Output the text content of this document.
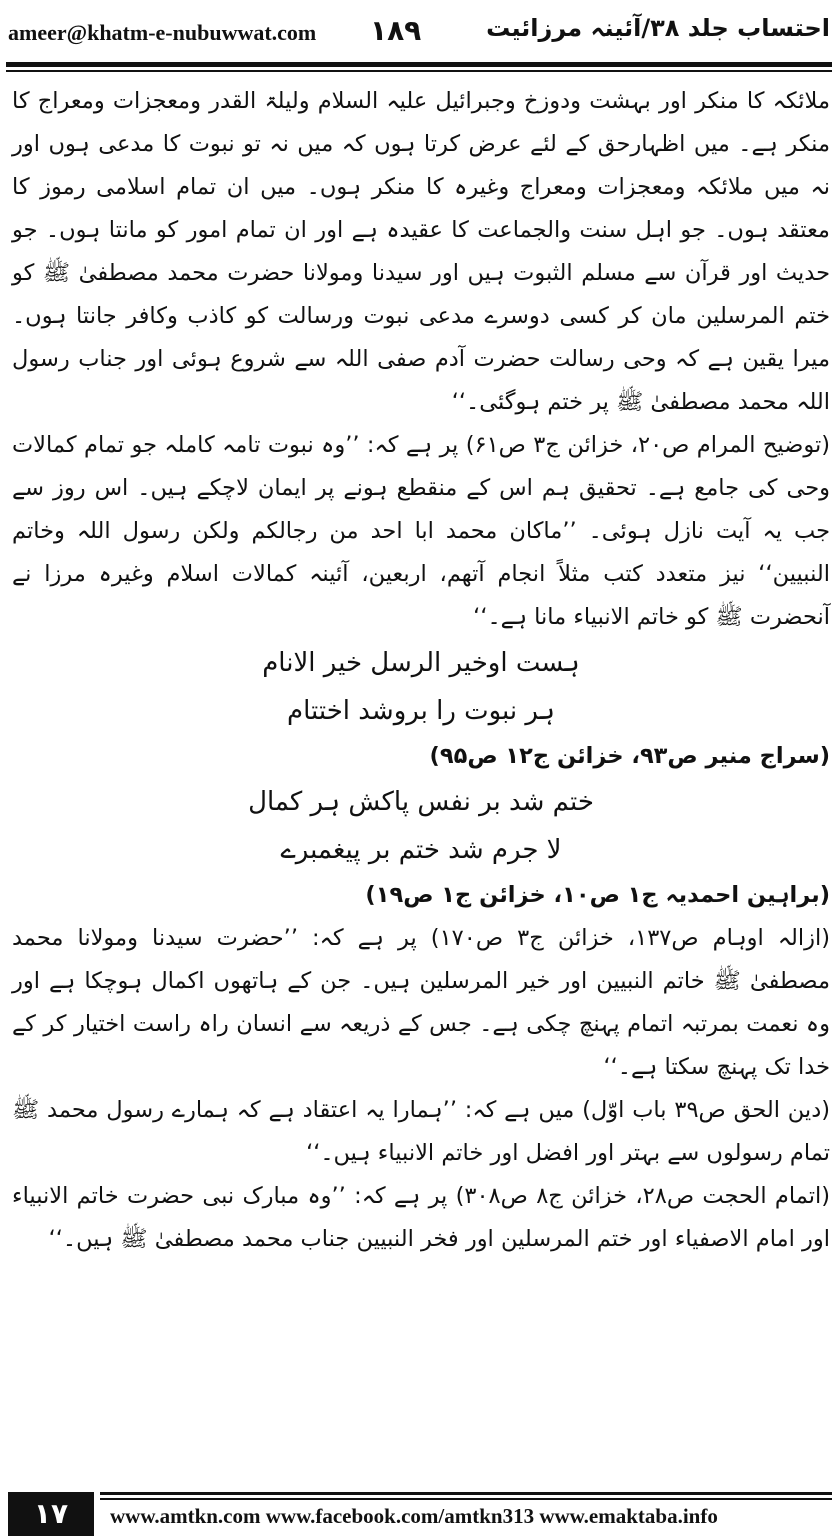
ameer@khatm-e-nubuwwat.com ۱۸۹	احتساب جلد ۳۸/آئینہ مرزائیت

ملائکہ کا منکر اور بہشت ودوزخ وجبرائیل علیہ السلام ولیلۃ القدر ومعجزات ومعراج کا منکر ہے۔ میں اظہارحق کے لئے عرض کرتا ہوں کہ میں نہ تو نبوت کا مدعی ہوں اور نہ میں ملائکہ ومعجزات ومعراج وغیرہ کا منکر ہوں۔ میں ان تمام اسلامی رموز کا معتقد ہوں۔ جو اہل سنت والجماعت کا عقیدہ ہے اور ان تمام امور کو مانتا ہوں۔ جو حدیث اور قرآن سے مسلم الثبوت ہیں اور سیدنا ومولانا حضرت محمد مصطفیٰ ﷺ کو ختم المرسلین مان کر کسی دوسرے مدعی نبوت ورسالت کو کاذب وکافر جانتا ہوں۔ میرا یقین ہے کہ وحی رسالت حضرت آدم صفی اللہ سے شروع ہوئی اور جناب رسول اللہ محمد مصطفیٰ ﷺ پر ختم ہوگئی۔‘‘

(توضیح المرام ص۲۰، خزائن ج۳ ص۶۱) پر ہے کہ: ’’وہ نبوت تامہ کاملہ جو تمام کمالات وحی کی جامع ہے۔ تحقیق ہم اس کے منقطع ہونے پر ایمان لاچکے ہیں۔ اس روز سے جب یہ آیت نازل ہوئی۔ ’’ماکان محمد ابا احد من رجالکم ولکن رسول اللہ وخاتم النبیین‘‘ نیز متعدد کتب مثلاً انجام آتھم، اربعین، آئینہ کمالات اسلام وغیرہ مرزا نے آنحضرت ﷺ کو خاتم الانبیاء مانا ہے۔‘‘

ہست اوخیر الرسل خیر الانام
ہر نبوت را بروشد اختتام

(سراج منیر ص۹۳، خزائن ج۱۲ ص۹۵)

ختم شد بر نفس پاکش ہر کمال
لا جرم شد ختم بر پیغمبرے

(براہین احمدیہ ج۱ ص۱۰، خزائن ج۱ ص۱۹)

(ازالہ اوہام ص۱۳۷، خزائن ج۳ ص۱۷۰) پر ہے کہ: ’’حضرت سیدنا ومولانا محمد مصطفیٰ ﷺ خاتم النبیین اور خیر المرسلین ہیں۔ جن کے ہاتھوں اکمال ہوچکا ہے اور وہ نعمت بمرتبہ اتمام پہنچ چکی ہے۔ جس کے ذریعہ سے انسان راہ راست اختیار کر کے خدا تک پہنچ سکتا ہے۔‘‘

(دین الحق ص۳۹ باب اوّل) میں ہے کہ: ’’ہمارا یہ اعتقاد ہے کہ ہمارے رسول محمد ﷺ تمام رسولوں سے بہتر اور افضل اور خاتم الانبیاء ہیں۔‘‘

(اتمام الحجت ص۲۸، خزائن ج۸ ص۳۰۸) پر ہے کہ: ’’وہ مبارک نبی حضرت خاتم الانبیاء اور امام الاصفیاء اور ختم المرسلین اور فخر النبیین جناب محمد مصطفیٰ ﷺ ہیں۔‘‘

۱۷	www.amtkn.com www.facebook.com/amtkn313 www.emaktaba.info
